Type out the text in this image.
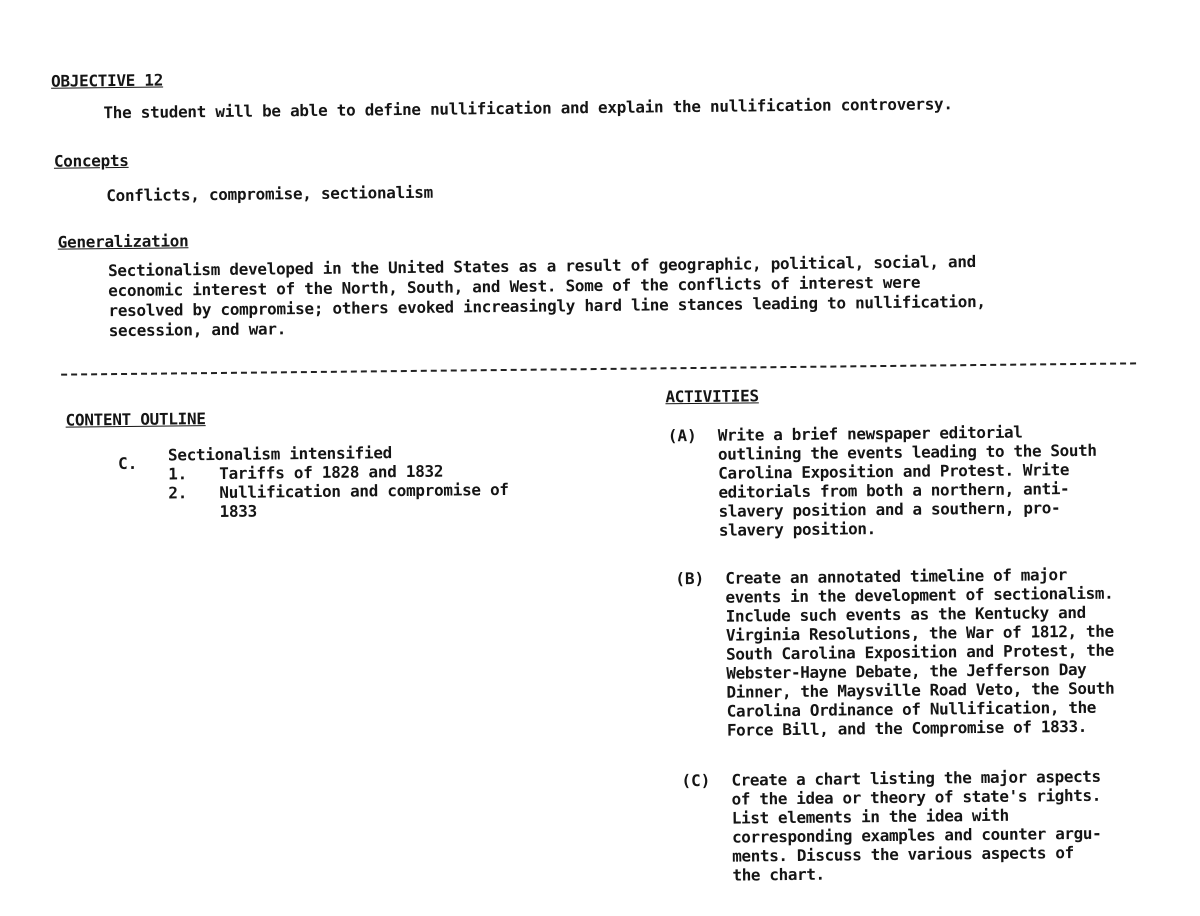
OBJECTIVE 12
The student will be able to define nullification and explain the nullification controversy.
Concepts
Conflicts, compromise, sectionalism
Generalization
Sectionalism developed in the United States as a result of geographic, political, social, and
economic interest of the North, South, and West. Some of the conflicts of interest were
resolved by compromise; others evoked increasingly hard line stances leading to nullification,
secession, and war.
CONTENT OUTLINE
C. Sectionalism intensified
1. Tariffs of 1828 and 1832
2. Nullification and compromise of
1833
ACTIVITIES
(A) Write a brief newspaper editorial
outlining the events leading to the South
Carolina Exposition and Protest. Write
editorials from both a northern, anti-
slavery position and a southern, pro-
slavery position.
(B) Create an annotated timeline of major
events in the development of sectionalism.
Include such events as the Kentucky and
Virginia Resolutions, the War of 1812, the
South Carolina Exposition and Protest, the
Webster-Hayne Debate, the Jefferson Day
Dinner, the Maysville Road Veto, the South
Carolina Ordinance of Nullification, the
Force Bill, and the Compromise of 1833.
(C) Create a chart listing the major aspects
of the idea or theory of state's rights.
List elements in the idea with
corresponding examples and counter argu-
ments. Discuss the various aspects of
the chart.
